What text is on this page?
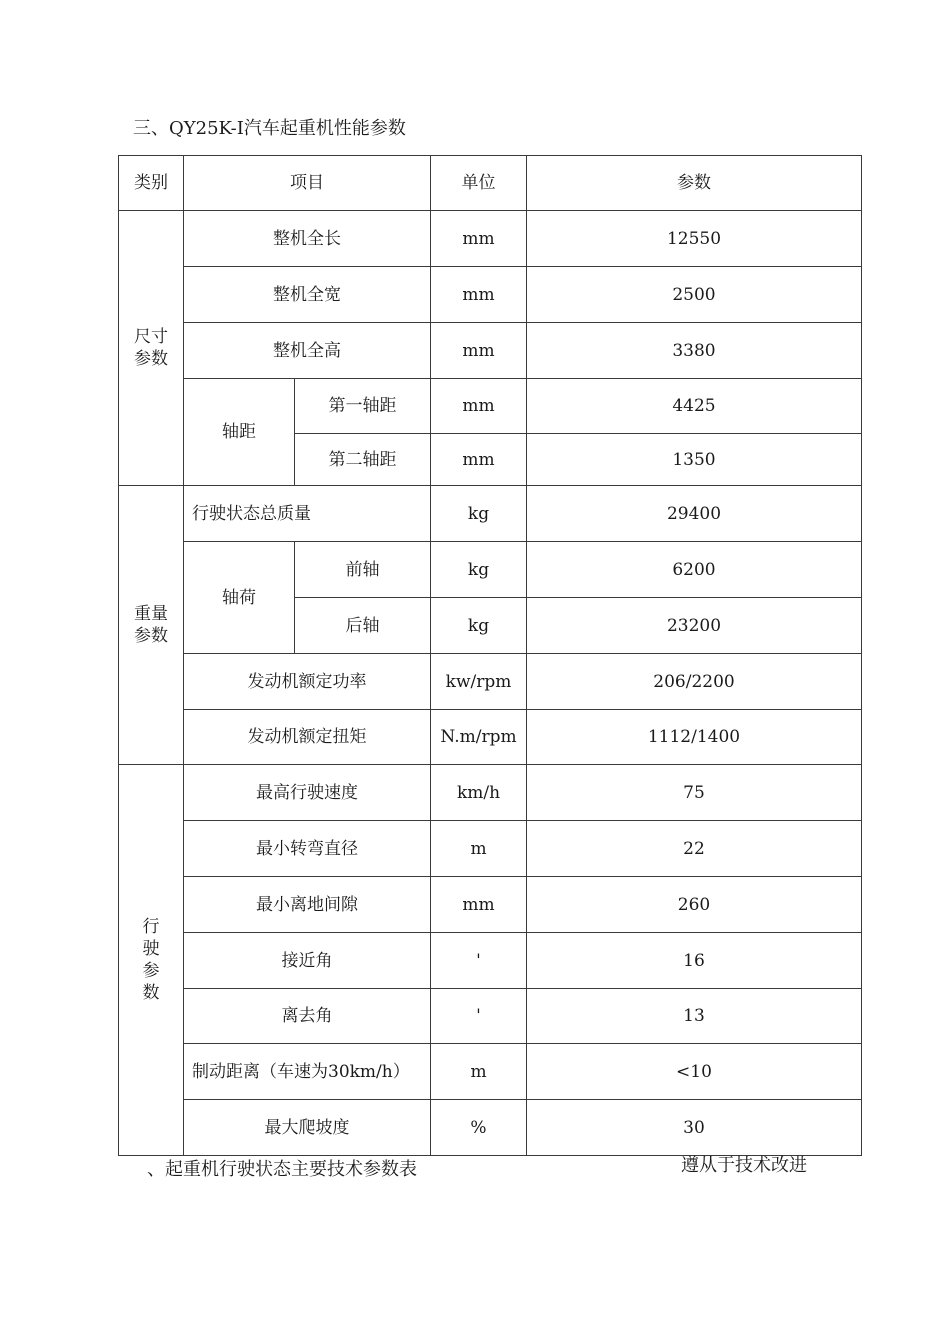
三、QY25K-I汽车起重机性能参数
类别	项目		单位	参数

尺寸
参数	整机全长		mm	12550
	整机全宽		mm	2500
	整机全高		mm	3380
	轴距	第一轴距	mm	4425
		第二轴距	mm	1350

重量
参数	行驶状态总质量		kg	29400
	轴荷	前轴	kg	6200
		后轴	kg	23200
	发动机额定功率		kw/rpm	206/2200
	发动机额定扭矩		N.m/rpm	1112/1400

行
驶
参
数	最高行驶速度		km/h	75
	最小转弯直径		m	22
	最小离地间隙		mm	260
	接近角		'	16
	离去角		'	13
	制动距离（车速为30km/h）		m	<10
	最大爬坡度		%	30
、起重机行驶状态主要技术参数表	遵从于技术改进
